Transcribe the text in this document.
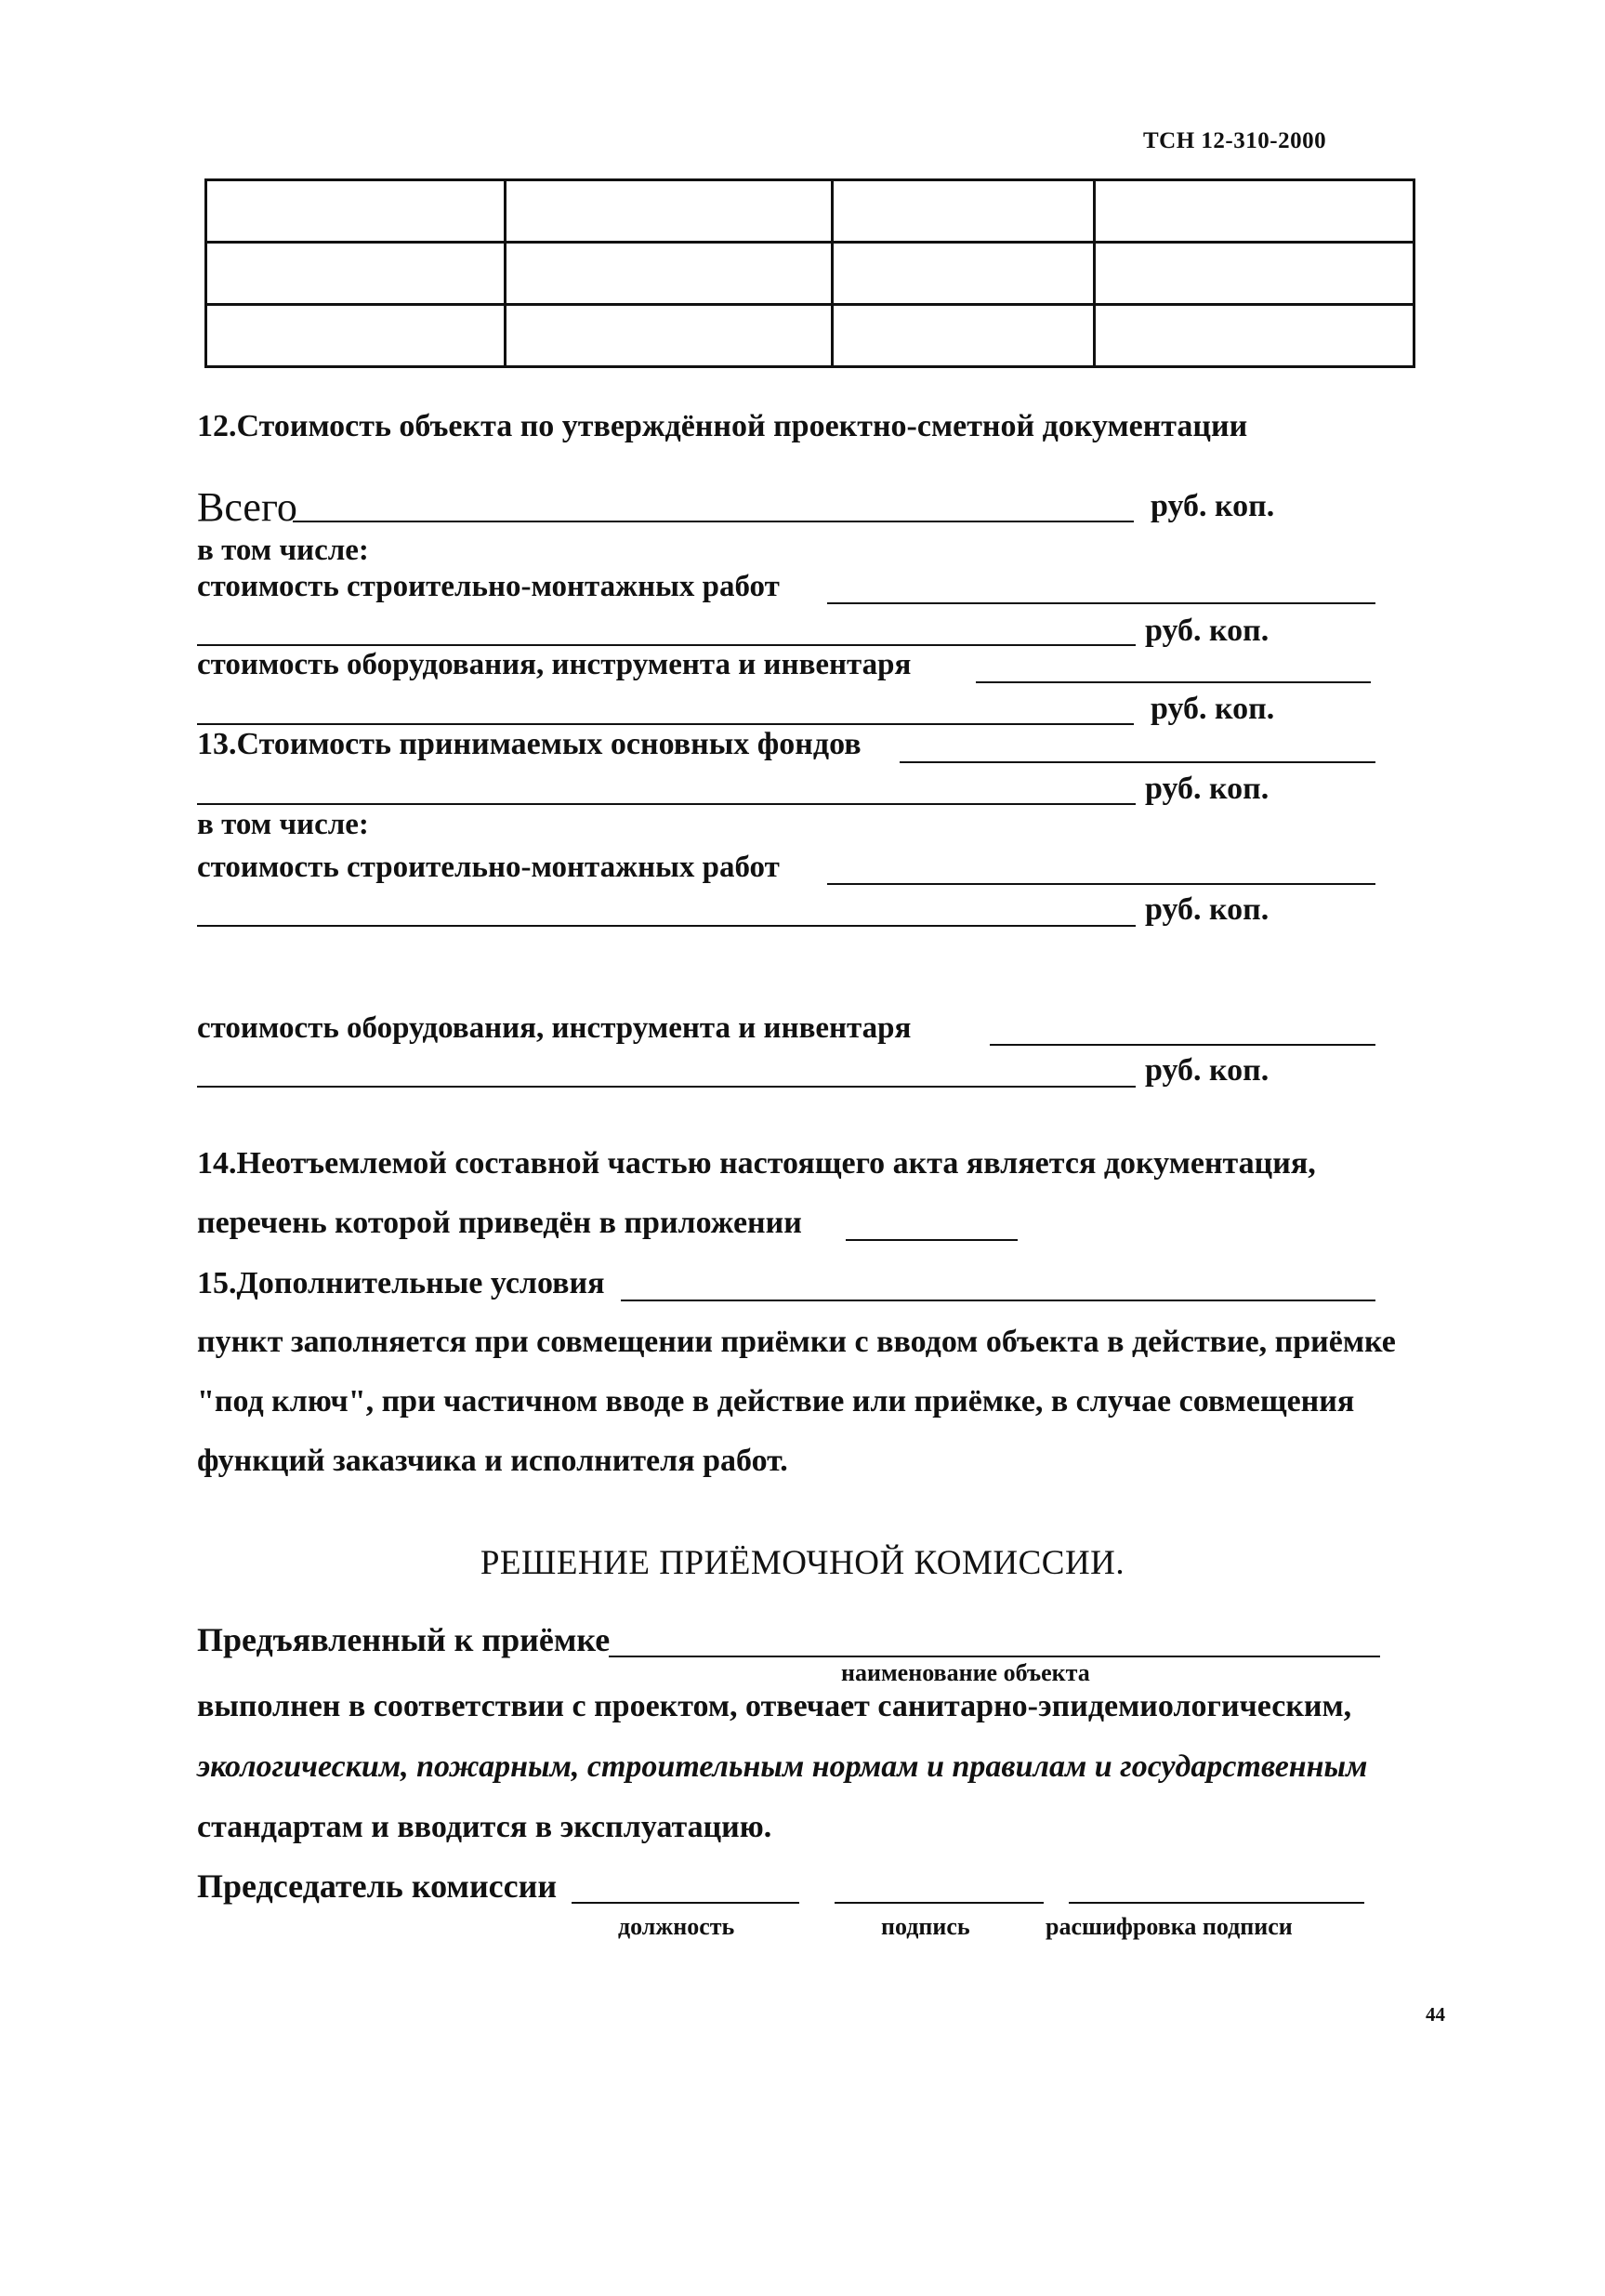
ТСН 12-310-2000

12.Стоимость объекта по утверждённой проектно-сметной документации
Всего	руб. коп.
в том числе:
стоимость строительно-монтажных работ
руб. коп.
стоимость оборудования, инструмента и инвентаря
руб. коп.
13.Стоимость принимаемых основных фондов
руб. коп.
в том числе:
стоимость строительно-монтажных работ
руб. коп.
стоимость оборудования, инструмента и инвентаря
руб. коп.
14.Неотъемлемой составной частью настоящего акта является документация,
перечень которой приведён в приложении
15.Дополнительные условия
пункт заполняется при совмещении приёмки с вводом объекта в действие, приёмке
"под ключ", при частичном вводе в действие или приёмке, в случае совмещения
функций заказчика и исполнителя работ.
РЕШЕНИЕ ПРИЁМОЧНОЙ КОМИССИИ.
Предъявленный к приёмке
наименование объекта
выполнен в соответствии с проектом, отвечает санитарно-эпидемиологическим,
экологическим, пожарным, строительным нормам и правилам и государственным
стандартам и вводится в эксплуатацию.
Председатель комиссии
должность	подпись	расшифровка подписи
44
